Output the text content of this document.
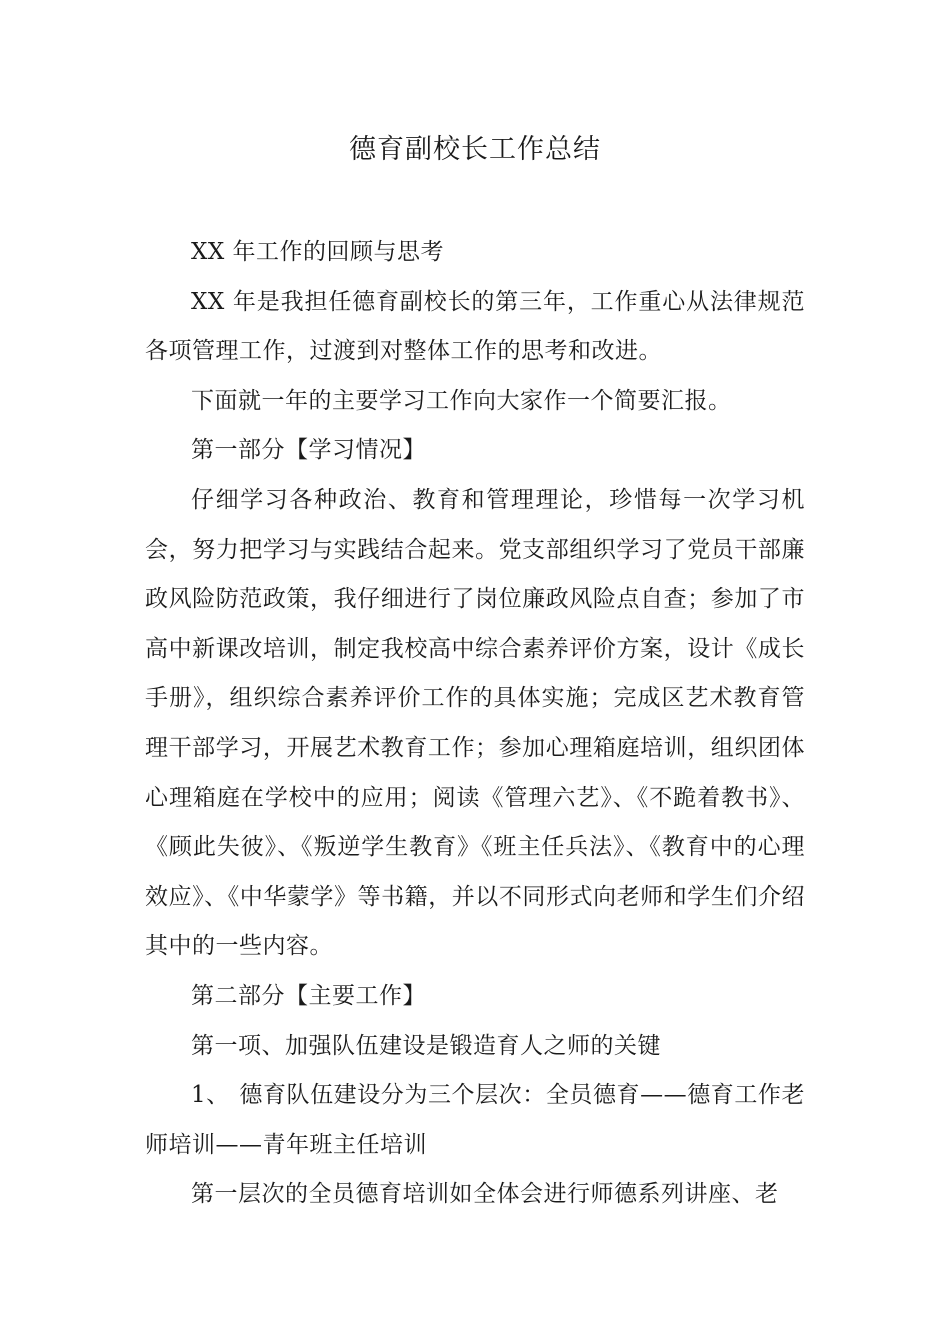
德育副校长工作总结

XX 年工作的回顾与思考

XX 年是我担任德育副校长的第三年，工作重心从法律规范各项管理工作，过渡到对整体工作的思考和改进。

下面就一年的主要学习工作向大家作一个简要汇报。

第一部分【学习情况】

仔细学习各种政治、教育和管理理论，珍惜每一次学习机会，努力把学习与实践结合起来。党支部组织学习了党员干部廉政风险防范政策，我仔细进行了岗位廉政风险点自查；参加了市高中新课改培训，制定我校高中综合素养评价方案，设计《成长手册》，组织综合素养评价工作的具体实施；完成区艺术教育管理干部学习，开展艺术教育工作；参加心理箱庭培训，组织团体心理箱庭在学校中的应用；阅读《管理六艺》、《不跪着教书》、《顾此失彼》、《叛逆学生教育》《班主任兵法》、《教育中的心理效应》、《中华蒙学》等书籍，并以不同形式向老师和学生们介绍其中的一些内容。

第二部分【主要工作】

第一项、加强队伍建设是锻造育人之师的关键

1、 德育队伍建设分为三个层次：全员德育——德育工作老师培训——青年班主任培训

第一层次的全员德育培训如全体会进行师德系列讲座、老
